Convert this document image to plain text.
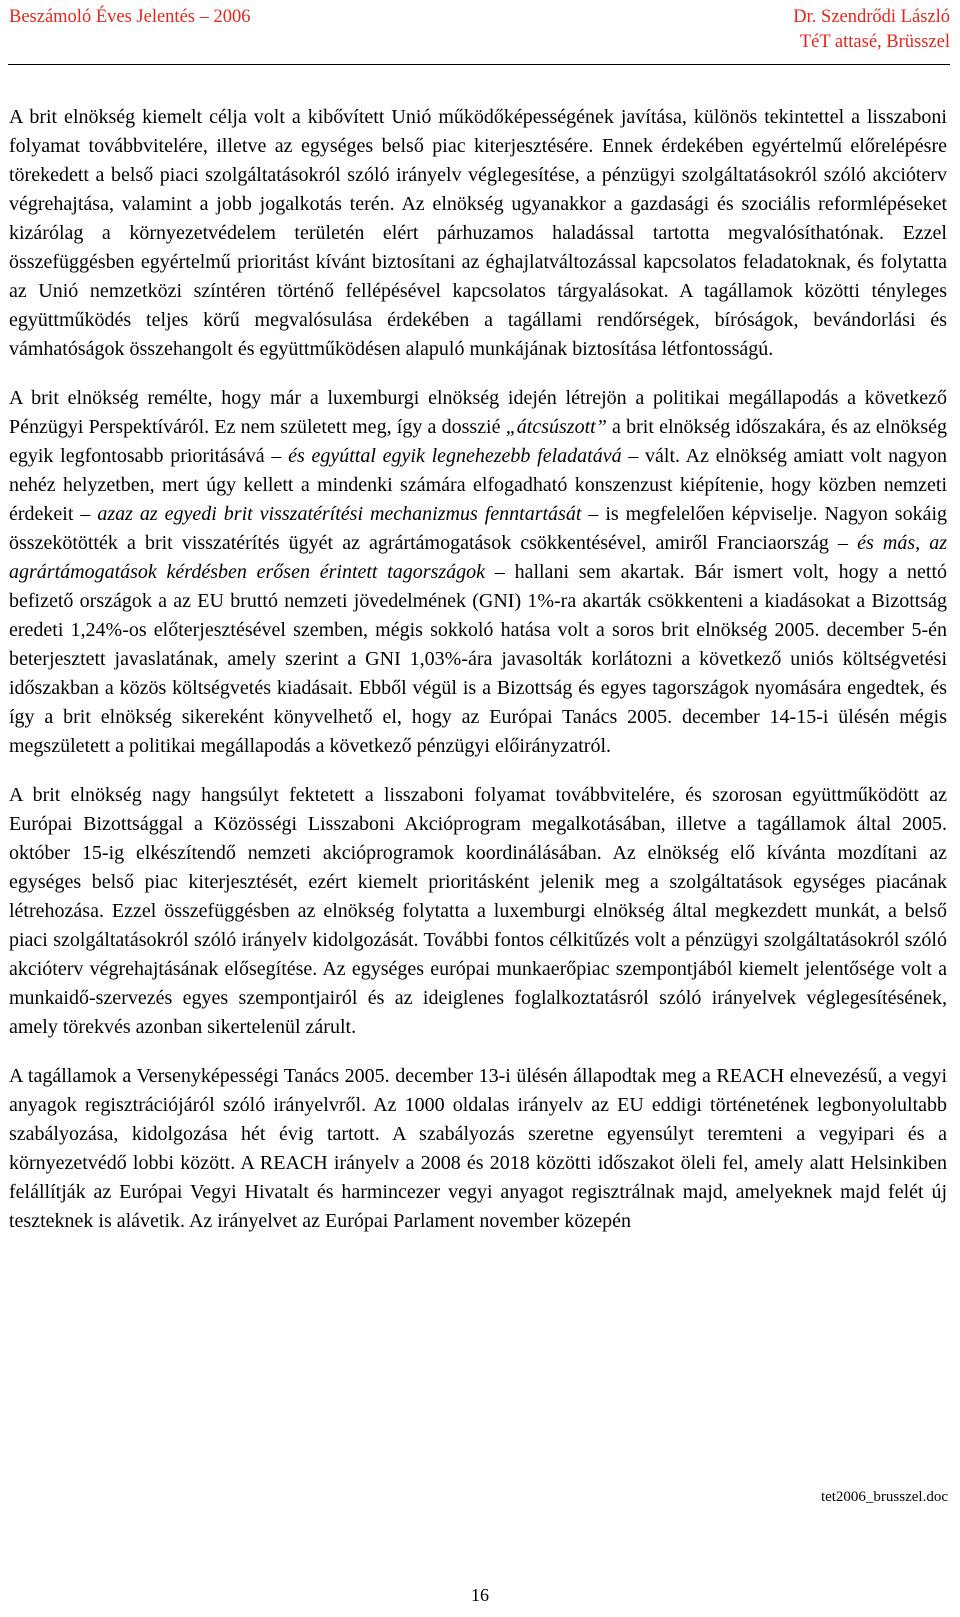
Beszámoló Éves Jelentés – 2006	Dr. Szendrődi László
TéT attasé, Brüsszel

A brit elnökség kiemelt célja volt a kibővített Unió működőképességének javítása, különös tekintettel a lisszaboni folyamat továbbvitelére, illetve az egységes belső piac kiterjesztésére. Ennek érdekében egyértelmű előrelépésre törekedett a belső piaci szolgáltatásokról szóló irányelv véglegesítése, a pénzügyi szolgáltatásokról szóló akcióterv végrehajtása, valamint a jobb jogalkotás terén. Az elnökség ugyanakkor a gazdasági és szociális reformlépéseket kizárólag a környezetvédelem területén elért párhuzamos haladással tartotta megvalósíthatónak. Ezzel összefüggésben egyértelmű prioritást kívánt biztosítani az éghajlatváltozással kapcsolatos feladatoknak, és folytatta az Unió nemzetközi színtéren történő fellépésével kapcsolatos tárgyalásokat. A tagállamok közötti tényleges együttműködés teljes körű megvalósulása érdekében a tagállami rendőrségek, bíróságok, bevándorlási és vámhatóságok összehangolt és együttműködésen alapuló munkájának biztosítása létfontosságú.

A brit elnökség remélte, hogy már a luxemburgi elnökség idején létrejön a politikai megállapodás a következő Pénzügyi Perspektíváról. Ez nem született meg, így a dosszié „átcsúszott” a brit elnökség időszakára, és az elnökség egyik legfontosabb prioritásává – és egyúttal egyik legnehezebb feladatává – vált. Az elnökség amiatt volt nagyon nehéz helyzetben, mert úgy kellett a mindenki számára elfogadható konszenzust kiépítenie, hogy közben nemzeti érdekeit – azaz az egyedi brit visszatérítési mechanizmus fenntartását – is megfelelően képviselje. Nagyon sokáig összekötötték a brit visszatérítés ügyét az agrártámogatások csökkentésével, amiről Franciaország – és más, az agrártámogatások kérdésben erősen érintett tagországok – hallani sem akartak. Bár ismert volt, hogy a nettó befizető országok a az EU bruttó nemzeti jövedelmének (GNI) 1%-ra akarták csökkenteni a kiadásokat a Bizottság eredeti 1,24%-os előterjesztésével szemben, mégis sokkoló hatása volt a soros brit elnökség 2005. december 5-én beterjesztett javaslatának, amely szerint a GNI 1,03%-ára javasolták korlátozni a következő uniós költségvetési időszakban a közös költségvetés kiadásait. Ebből végül is a Bizottság és egyes tagországok nyomására engedtek, és így a brit elnökség sikereként könyvelhető el, hogy az Európai Tanács 2005. december 14-15-i ülésén mégis megszületett a politikai megállapodás a következő pénzügyi előirányzatról.

A brit elnökség nagy hangsúlyt fektetett a lisszaboni folyamat továbbvitelére, és szorosan együttműködött az Európai Bizottsággal a Közösségi Lisszaboni Akcióprogram megalkotásában, illetve a tagállamok által 2005. október 15-ig elkészítendő nemzeti akcióprogramok koordinálásában. Az elnökség elő kívánta mozdítani az egységes belső piac kiterjesztését, ezért kiemelt prioritásként jelenik meg a szolgáltatások egységes piacának létrehozása. Ezzel összefüggésben az elnökség folytatta a luxemburgi elnökség által megkezdett munkát, a belső piaci szolgáltatásokról szóló irányelv kidolgozását. További fontos célkitűzés volt a pénzügyi szolgáltatásokról szóló akcióterv végrehajtásának elősegítése. Az egységes európai munkaerőpiac szempontjából kiemelt jelentősége volt a munkaidő-szervezés egyes szempontjairól és az ideiglenes foglalkoztatásról szóló irányelvek véglegesítésének, amely törekvés azonban sikertelenül zárult.

A tagállamok a Versenyképességi Tanács 2005. december 13-i ülésén állapodtak meg a REACH elnevezésű, a vegyi anyagok regisztrációjáról szóló irányelvről. Az 1000 oldalas irányelv az EU eddigi történetének legbonyolultabb szabályozása, kidolgozása hét évig tartott. A szabályozás szeretne egyensúlyt teremteni a vegyipari és a környezetvédő lobbi között. A REACH irányelv a 2008 és 2018 közötti időszakot öleli fel, amely alatt Helsinkiben felállítják az Európai Vegyi Hivatalt és harmincezer vegyi anyagot regisztrálnak majd, amelyeknek majd felét új teszteknek is alávetik. Az irányelvet az Európai Parlament november közepén

tet2006_brusszel.doc
16
